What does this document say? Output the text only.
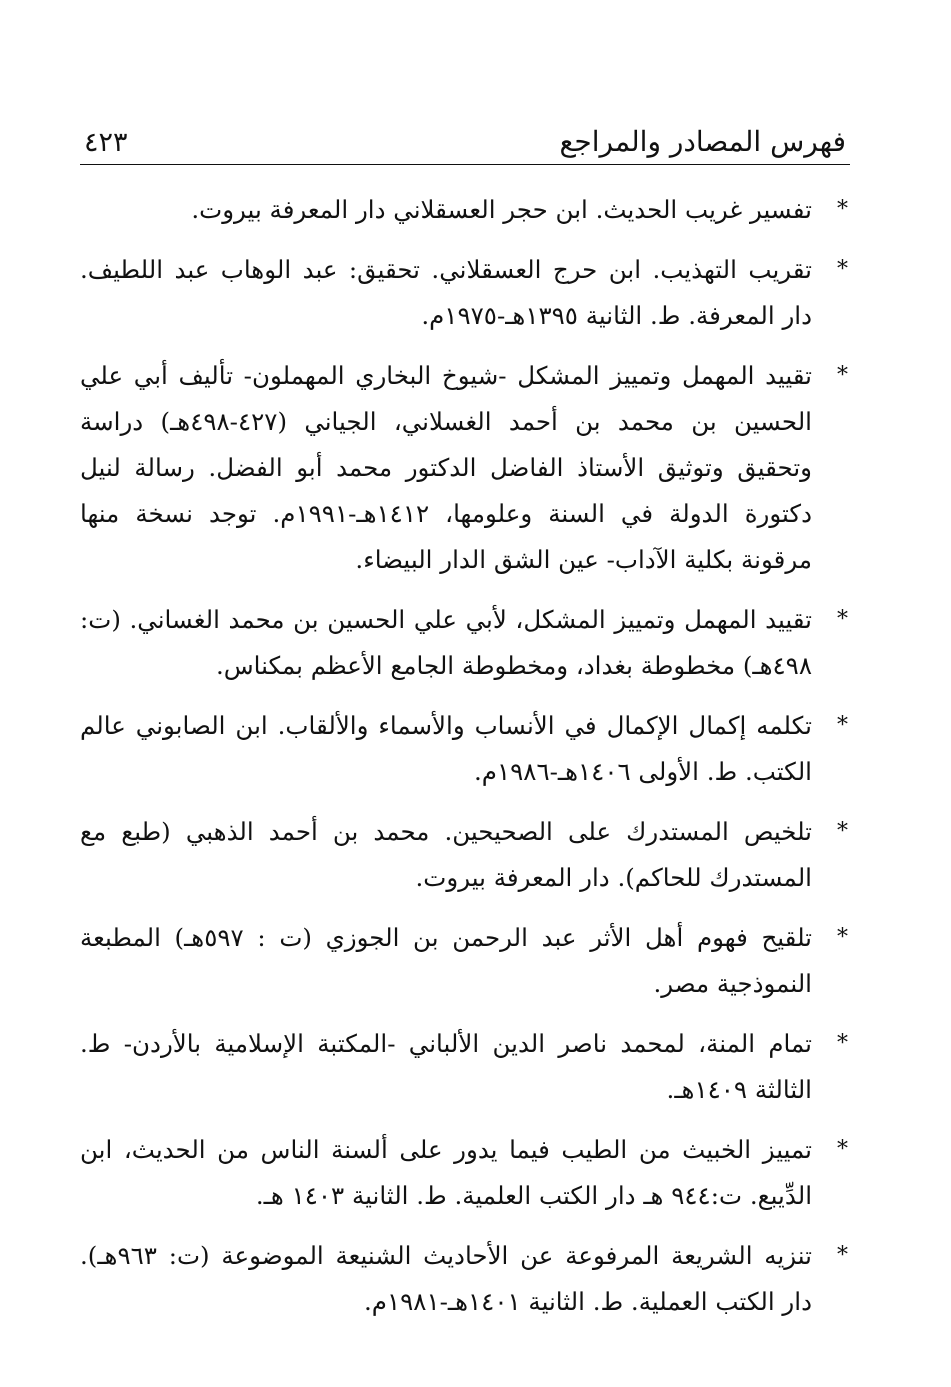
فهرس المصادر والمراجع
٤٢٣
*
تفسير غريب الحديث. ابن حجر العسقلاني دار المعرفة بيروت.
*
تقريب التهذيب. ابن حرج العسقلاني. تحقيق: عبد الوهاب عبد اللطيف. دار المعرفة. ط. الثانية ١٣٩٥هـ-١٩٧٥م.
*
تقييد المهمل وتمييز المشكل -شيوخ البخاري المهملون- تأليف أبي علي الحسين بن محمد بن أحمد الغسلاني، الجياني (٤٢٧-٤٩٨هـ) دراسة وتحقيق وتوثيق الأستاذ الفاضل الدكتور محمد أبو الفضل. رسالة لنيل دكتورة الدولة في السنة وعلومها، ١٤١٢هـ-١٩٩١م. توجد نسخة منها مرقونة بكلية الآداب- عين الشق الدار البيضاء.
*
تقييد المهمل وتمييز المشكل، لأبي علي الحسين بن محمد الغساني. (ت: ٤٩٨هـ) مخطوطة بغداد، ومخطوطة الجامع الأعظم بمكناس.
*
تكلمه إكمال الإكمال في الأنساب والأسماء والألقاب. ابن الصابوني عالم الكتب. ط. الأولى ١٤٠٦هـ-١٩٨٦م.
*
تلخيص المستدرك على الصحيحين. محمد بن أحمد الذهبي (طبع مع المستدرك للحاكم). دار المعرفة بيروت.
*
تلقيح فهوم أهل الأثر عبد الرحمن بن الجوزي (ت : ٥٩٧هـ) المطبعة النموذجية مصر.
*
تمام المنة، لمحمد ناصر الدين الألباني -المكتبة الإسلامية بالأردن- ط. الثالثة ١٤٠٩هـ.
*
تمييز الخبيث من الطيب فيما يدور على ألسنة الناس من الحديث، ابن الدِّيبع. ت:٩٤٤ هـ دار الكتب العلمية. ط. الثانية ١٤٠٣ هـ.
*
تنزيه الشريعة المرفوعة عن الأحاديث الشنيعة الموضوعة (ت: ٩٦٣هـ). دار الكتب العملية. ط. الثانية ١٤٠١هـ-١٩٨١م.
